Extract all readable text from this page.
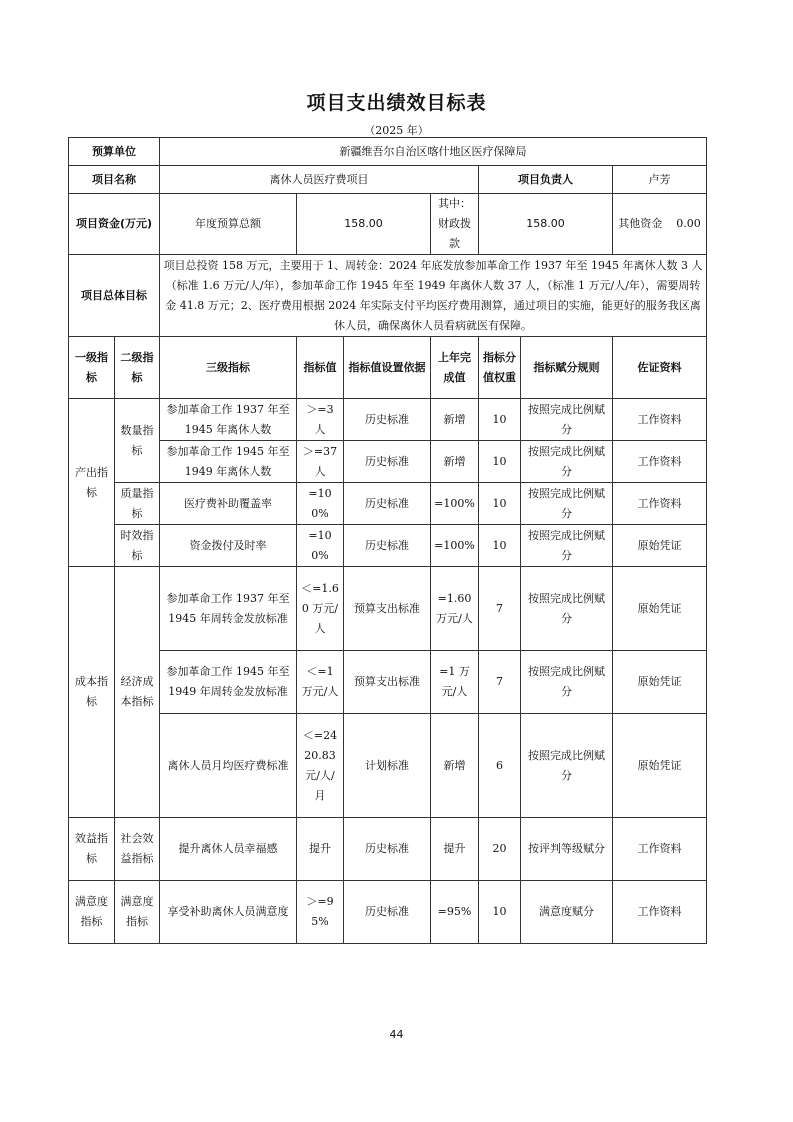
项目支出绩效目标表
（2025 年）
预算单位		新疆维吾尔自治区喀什地区医疗保障局						
项目名称		离休人员医疗费项目				项目负责人		卢芳
项目资金(万元)		年度预算总额	158.00		其中：财政拨款	158.00		其他资金 0.00
项目总体目标		项目总投资 158 万元，主要用于 1、周转金：2024 年底发放参加革命工作 1937 年至 1945 年离休人数 3 人（标准 1.6 万元/人/年），参加革命工作 1945 年至 1949 年离休人数 37 人，（标准 1 万元/人/年），需要周转金 41.8 万元；2、医疗费用根据 2024 年实际支付平均医疗费用测算，通过项目的实施，能更好的服务我区离休人员，确保离休人员看病就医有保障。						
一级指标	二级指标	三级指标	指标值	指标值设置依据	上年完成值	指标分值权重	指标赋分规则	佐证资料
产出指标	数量指标	参加革命工作 1937 年至 1945 年离休人数	＞=3 人	历史标准	新增	10	按照完成比例赋分	工作资料
		参加革命工作 1945 年至 1949 年离休人数	＞=37 人	历史标准	新增	10	按照完成比例赋分	工作资料
	质量指标	医疗费补助覆盖率	=100%	历史标准	=100%	10	按照完成比例赋分	工作资料
	时效指标	资金拨付及时率	=100%	历史标准	=100%	10	按照完成比例赋分	原始凭证
成本指标	经济成本指标	参加革命工作 1937 年至 1945 年周转金发放标准	＜=1.60 万元/人	预算支出标准	=1.60 万元/人	7	按照完成比例赋分	原始凭证
		参加革命工作 1945 年至 1949 年周转金发放标准	＜=1 万元/人	预算支出标准	=1 万元/人	7	按照完成比例赋分	原始凭证
		离休人员月均医疗费标准	＜=2420.83 元/人/月	计划标准	新增	6	按照完成比例赋分	原始凭证
效益指标	社会效益指标	提升离休人员幸福感	提升	历史标准	提升	20	按评判等级赋分	工作资料
满意度指标	满意度指标	享受补助离休人员满意度	＞=95%	历史标准	=95%	10	满意度赋分	工作资料
44
